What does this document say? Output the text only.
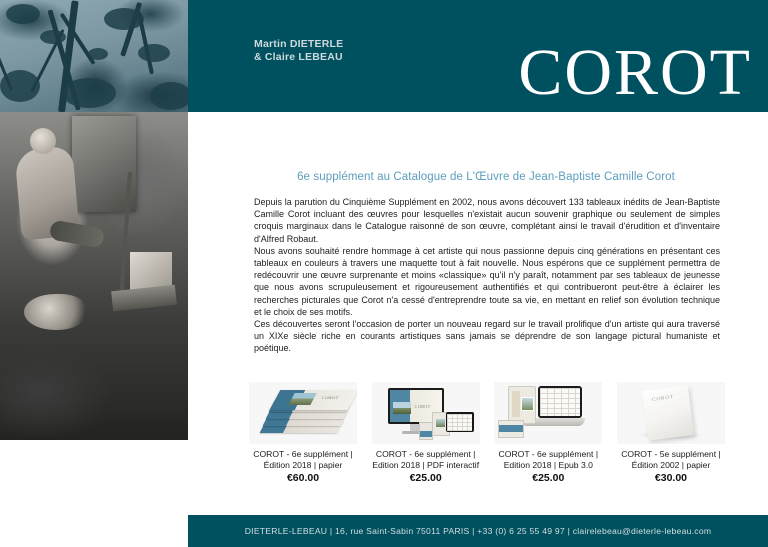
Martin DIETERLE
& Claire LEBEAU	COROT
6e supplément au Catalogue de L'Œuvre de Jean-Baptiste Camille Corot

Depuis la parution du Cinquième Supplément en 2002, nous avons découvert 133 tableaux inédits de Jean-Baptiste Camille Corot incluant des œuvres pour lesquelles n'existait aucun souvenir graphique ou seulement de simples croquis marginaux dans le Catalogue raisonné de son œuvre, complétant ainsi le travail d'érudition et d'inventaire d'Alfred Robaut.

Nous avons souhaité rendre hommage à cet artiste qui nous passionne depuis cinq générations en présentant ces tableaux en couleurs à travers une maquette tout à fait nouvelle. Nous espérons que ce supplément permettra de redécouvrir une œuvre surprenante et moins «classique» qu'il n'y paraît, notamment par ses tableaux de jeunesse que nous avons scrupuleusement et rigoureusement authentifiés et qui contribueront peut-être à éclairer les recherches picturales que Corot n'a cessé d'entreprendre toute sa vie, en mettant en relief son évolution technique et le choix de ses motifs.

Ces découvertes seront l'occasion de porter un nouveau regard sur le travail prolifique d'un artiste qui aura traversé un XIXe siècle riche en courants artistiques sans jamais se déprendre de son langage pictural humaniste et poétique.

COROT
COROT - 6e supplément | Édition 2018 | papier
€60.00
COROT
COROT - 6e supplément | Edition 2018 | PDF interactif
€25.00
COROT - 6e supplément | Edition 2018 | Epub 3.0
€25.00
COROT
COROT - 5e supplément | Édition 2002 | papier
€30.00
DIETERLE-LEBEAU | 16, rue Saint-Sabin 75011 PARIS | +33 (0) 6 25 55 49 97 | clairelebeau@dieterle-lebeau.com
